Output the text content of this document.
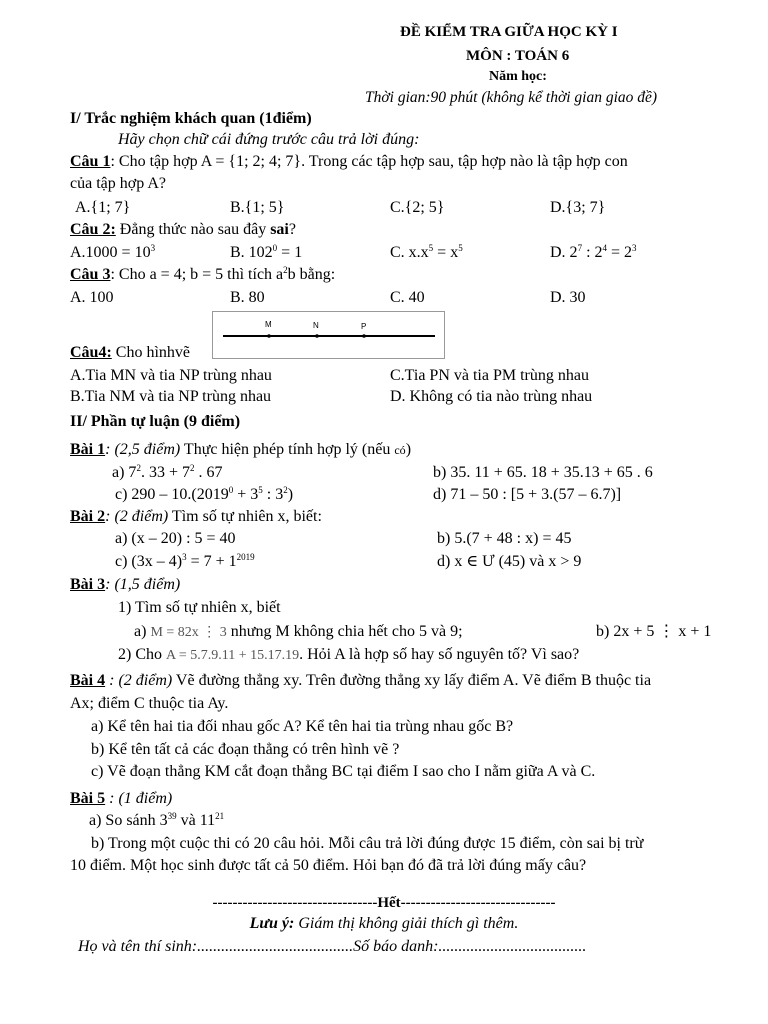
ĐỀ KIỂM TRA GIỮA HỌC KỲ I
MÔN : TOÁN 6
Năm học:
Thời gian:90 phút (không kể thời gian giao đề)
I/ Trắc nghiệm khách quan (1điểm)
Hãy chọn chữ cái đứng trước câu trả lời đúng:
Câu 1: Cho tập hợp A = {1; 2; 4; 7}. Trong các tập hợp sau, tập hợp nào là tập hợp con
của tập hợp A?
A.{1; 7}	B.{1; 5}	C.{2; 5}	D.{3; 7}
Câu 2: Đẳng thức nào sau đây sai?
$A.1000 = 10^3$	B. $102^0 = 1$	C. $x.x^5 = x^5$	D. $2^7$ : $2^4 = 2^3$
Câu 3: Cho a = 4; b = 5 thì tích $a^2b$ bằng:
A. 100	B. 80	C. 40	D. 30
M	N	P
Câu4: Cho hìnhvẽ
A.Tia MN và tia NP trùng nhau	C.Tia PN và tia PM trùng nhau
B.Tia NM và tia NP trùng nhau	D. Không có tia nào trùng nhau
II/ Phần tự luận (9 điểm)
Bài 1: (2,5 điểm) Thực hiện phép tính hợp lý (nếu có)
a) $7^2$. $33 + 7^2$ . 67	b) 35. 11 + 65. 18 + 35.13 + 65 . 6
c) $290 - 10.(2019^0 + 3^5$ : $3^2$)	d) 71 – 50 : [5 + 3.(57 – 6.7)]
Bài 2: (2 điểm) Tìm số tự nhiên x, biết:
a) (x – 20) : 5 = 40	b) 5.(7 + 48 : x) = 45
c) $(3x - 4)^3 = 7 + 1^{2019}$	d) x ∈ Ư (45) và x > 9
Bài 3: (1,5 điểm)
1) Tìm số tự nhiên x, biết
a) M = 82x ⋮ 3 nhưng M không chia hết cho 5 và 9;	b) 2x + 5 ⋮ x + 1
2) Cho A = 5.7.9.11 + 15.17.19. Hỏi A là hợp số hay số nguyên tố? Vì sao?
Bài 4 : (2 điểm) Vẽ đường thẳng xy. Trên đường thẳng xy lấy điểm A. Vẽ điểm B thuộc tia
Ax; điểm C thuộc tia Ay.
a) Kể tên hai tia đối nhau gốc A? Kể tên hai tia trùng nhau gốc B?
b) Kể tên tất cả các đoạn thẳng có trên hình vẽ ?
c) Vẽ đoạn thẳng KM cắt đoạn thẳng BC tại điểm I sao cho I nằm giữa A và C.
Bài 5 : (1 điểm)
a) So sánh $3^{39}$ và $11^{21}$
b) Trong một cuộc thi có 20 câu hỏi. Mỗi câu trả lời đúng được 15 điểm, còn sai bị trừ
10 điểm. Một học sinh được tất cả 50 điểm. Hỏi bạn đó đã trả lời đúng mấy câu?
---------------------------------Hết-------------------------------
Lưu ý: Giám thị không giải thích gì thêm.
Họ và tên thí sinh:.......................................Số báo danh:.....................................
